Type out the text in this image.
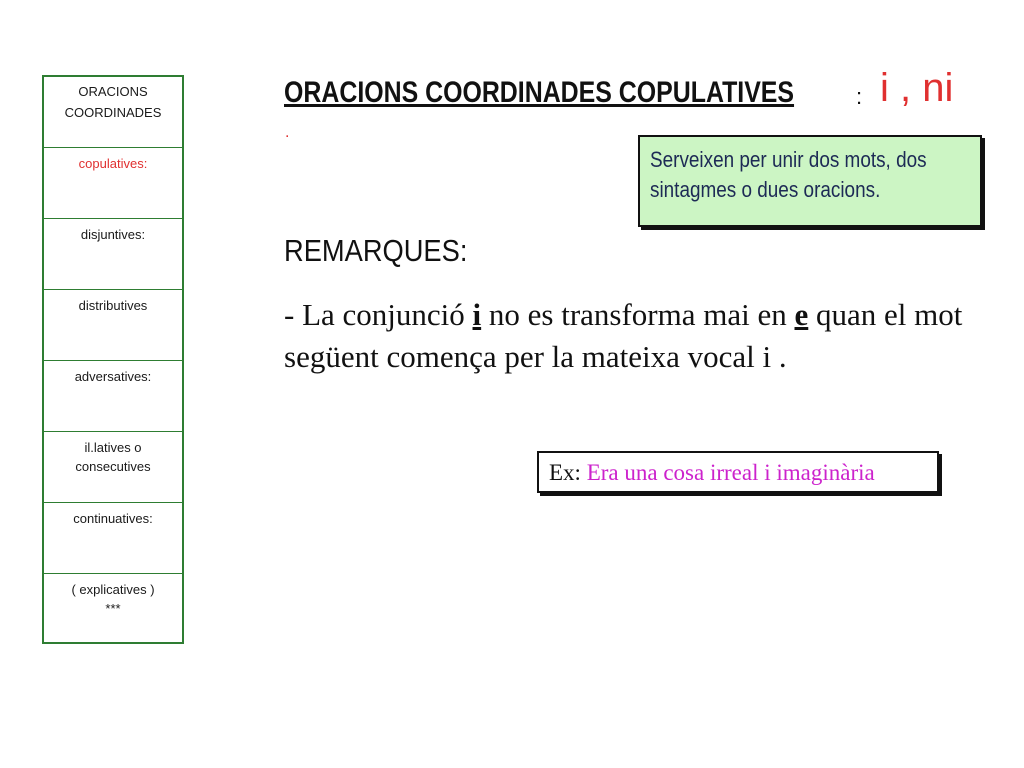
ORACIONS
COORDINADES
copulatives:
disjuntives:
distributives
adversatives:
il.latives o
consecutives
continuatives:
( explicatives )
***
ORACIONS COORDINADES COPULATIVES	: i , ni
.
Serveixen per unir dos mots, dos
sintagmes o dues oracions.
REMARQUES:
- La conjunció i no es transforma mai en e quan el mot següent comença per la mateixa vocal i .
Ex: Era una cosa irreal i imaginària
